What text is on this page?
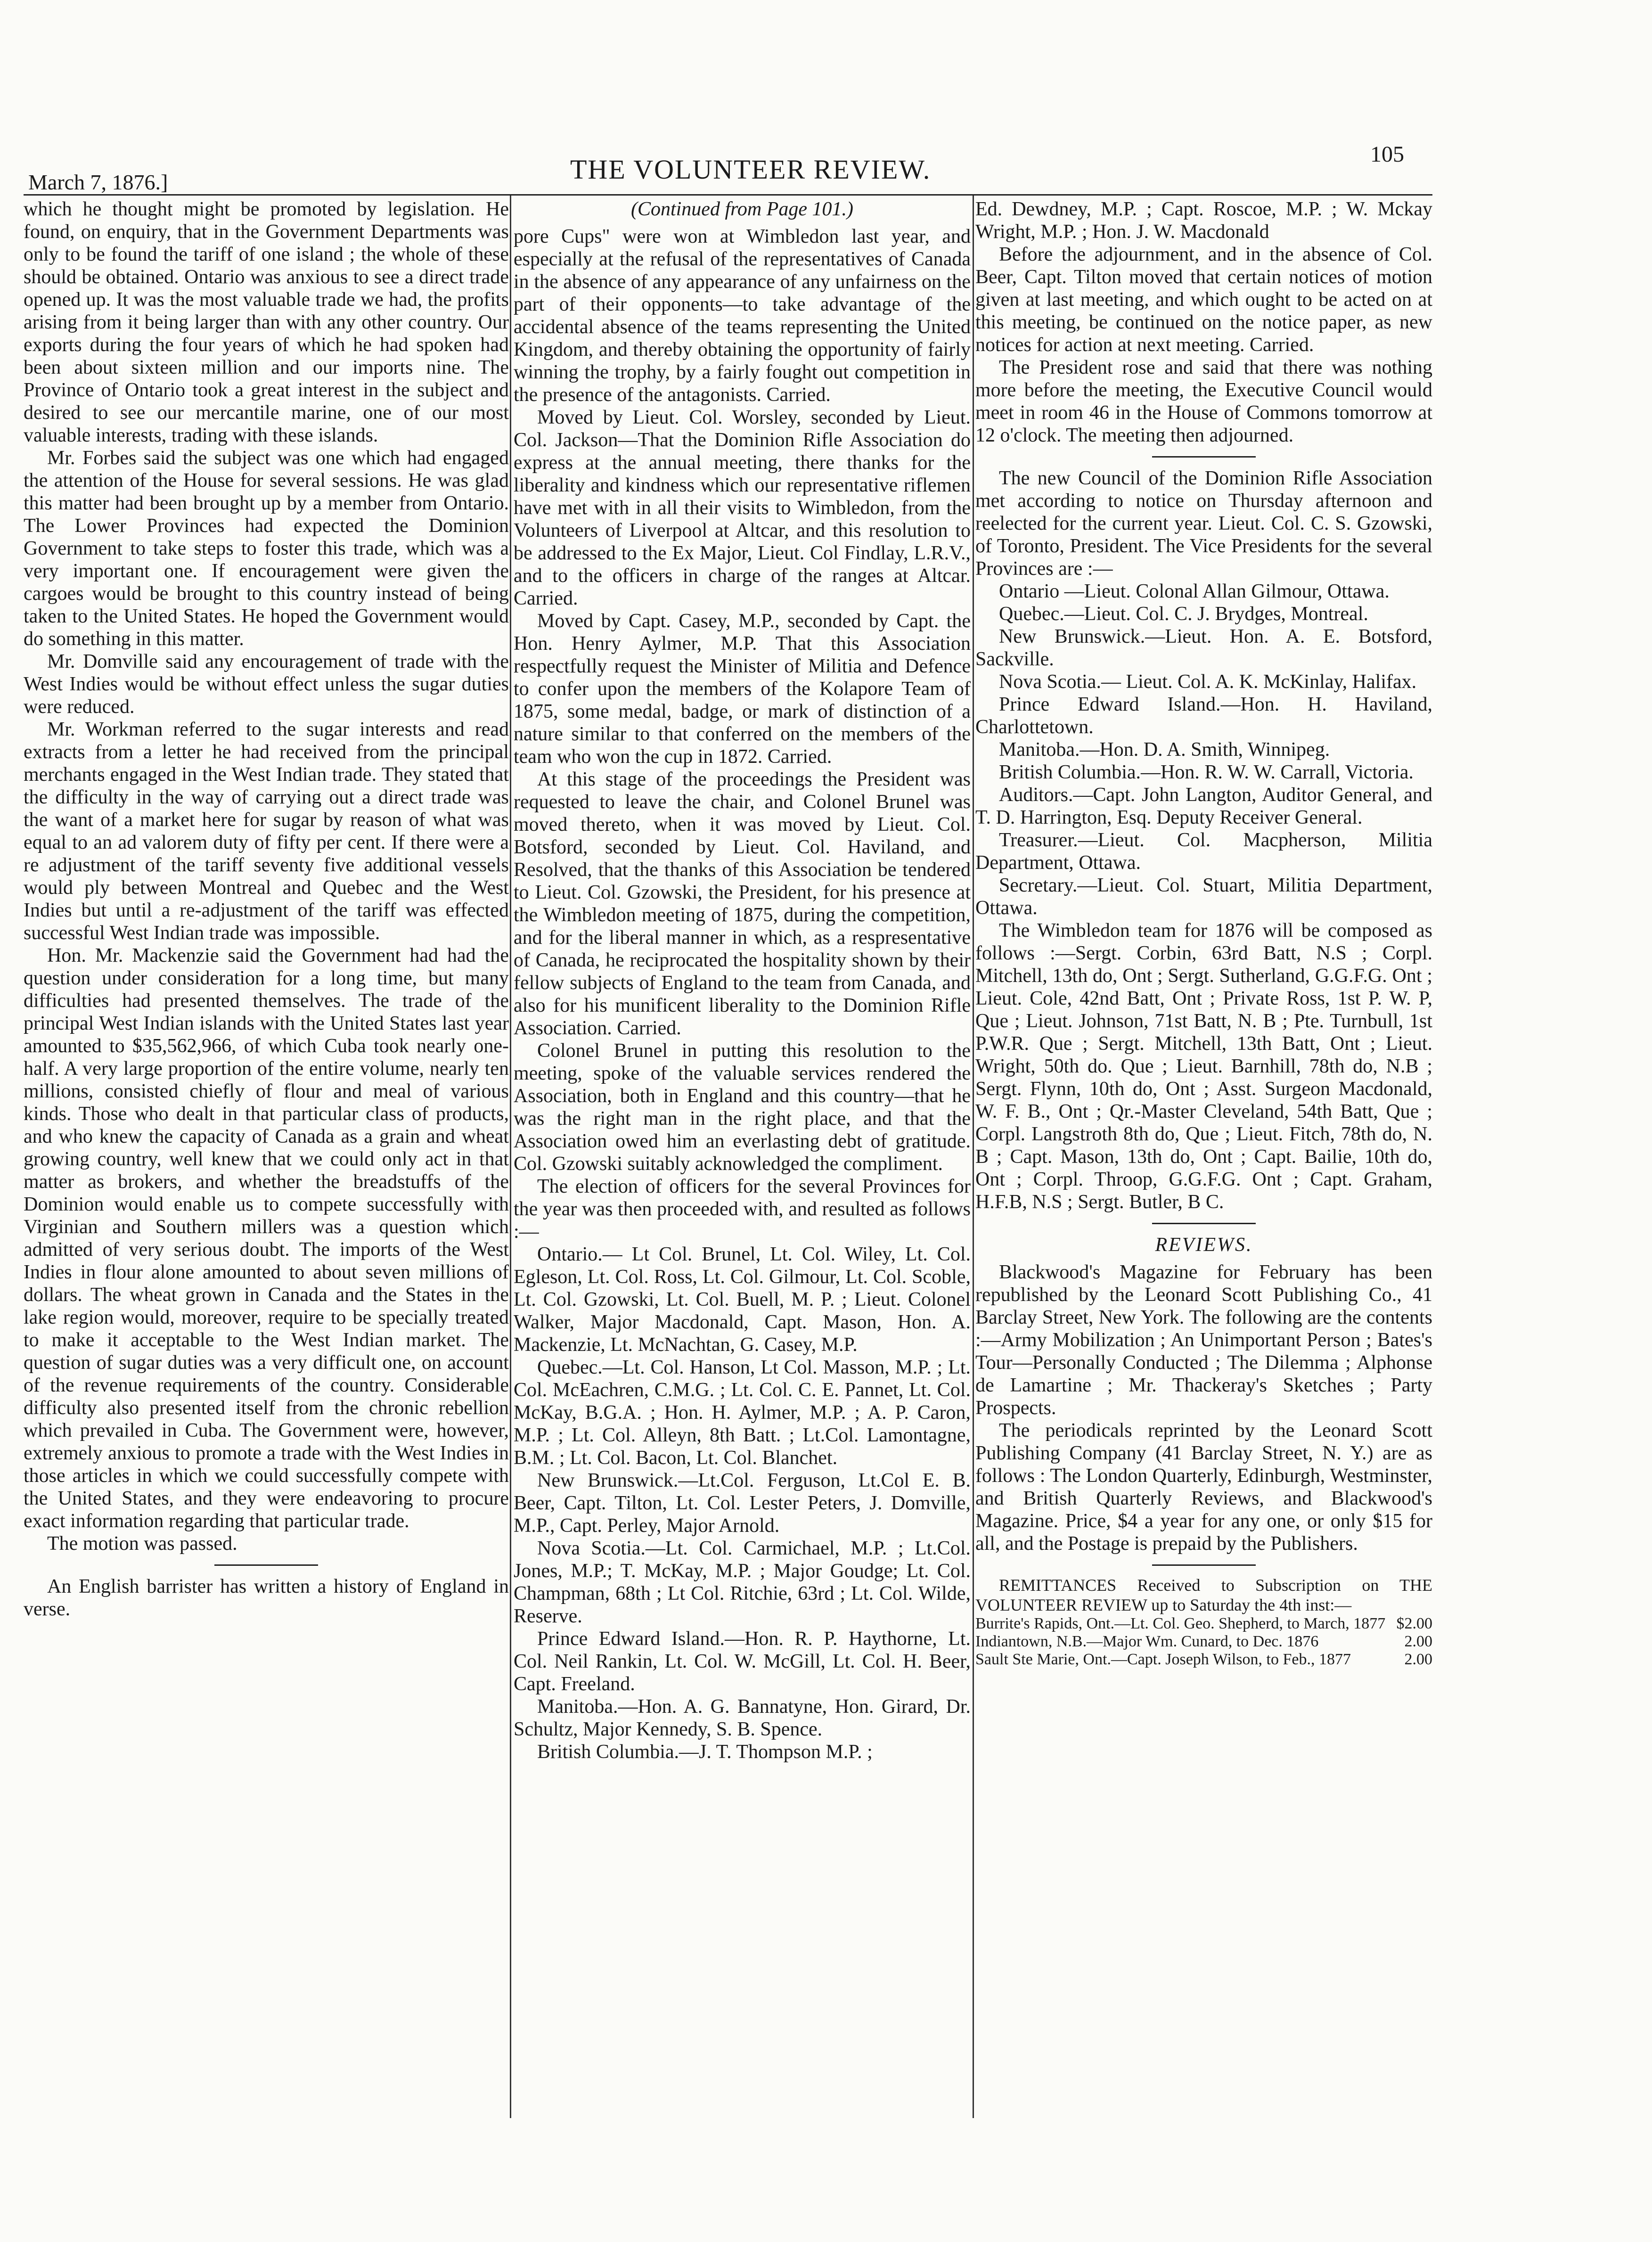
March 7, 1876.]	THE VOLUNTEER REVIEW.	105

which he thought might be promoted by legislation. He found, on enquiry, that in the Government Departments was only to be found the tariff of one island ; the whole of these should be obtained. Ontario was anxious to see a direct trade opened up. It was the most valuable trade we had, the profits arising from it being larger than with any other country. Our exports during the four years of which he had spoken had been about sixteen million and our imports nine. The Province of Ontario took a great interest in the subject and desired to see our mercantile marine, one of our most valuable interests, trading with these islands.

Mr. Forbes said the subject was one which had engaged the attention of the House for several sessions. He was glad this matter had been brought up by a member from Ontario. The Lower Provinces had expected the Dominion Government to take steps to foster this trade, which was a very important one. If encouragement were given the cargoes would be brought to this country instead of being taken to the United States. He hoped the Government would do something in this matter.

Mr. Domville said any encouragement of trade with the West Indies would be without effect unless the sugar duties were reduced.

Mr. Workman referred to the sugar interests and read extracts from a letter he had received from the principal merchants engaged in the West Indian trade. They stated that the difficulty in the way of carrying out a direct trade was the want of a market here for sugar by reason of what was equal to an ad valorem duty of fifty per cent. If there were a re adjustment of the tariff seventy five additional vessels would ply between Montreal and Quebec and the West Indies but until a re-adjustment of the tariff was effected successful West Indian trade was impossible.

Hon. Mr. Mackenzie said the Government had had the question under consideration for a long time, but many difficulties had presented themselves. The trade of the principal West Indian islands with the United States last year amounted to $35,562,966, of which Cuba took nearly one-half. A very large proportion of the entire volume, nearly ten millions, consisted chiefly of flour and meal of various kinds. Those who dealt in that particular class of products, and who knew the capacity of Canada as a grain and wheat growing country, well knew that we could only act in that matter as brokers, and whether the breadstuffs of the Dominion would enable us to compete successfully with Virginian and Southern millers was a question which admitted of very serious doubt. The imports of the West Indies in flour alone amounted to about seven millions of dollars. The wheat grown in Canada and the States in the lake region would, moreover, require to be specially treated to make it acceptable to the West Indian market. The question of sugar duties was a very difficult one, on account of the revenue requirements of the country. Considerable difficulty also presented itself from the chronic rebellion which prevailed in Cuba. The Government were, however, extremely anxious to promote a trade with the West Indies in those articles in which we could successfully compete with the United States, and they were endeavoring to procure exact information regarding that particular trade.

The motion was passed.

An English barrister has written a history of England in verse.

(Continued from Page 101.)

pore Cups" were won at Wimbledon last year, and especially at the refusal of the representatives of Canada in the absence of any appearance of any unfairness on the part of their opponents—to take advantage of the accidental absence of the teams representing the United Kingdom, and thereby obtaining the opportunity of fairly winning the trophy, by a fairly fought out competition in the presence of the antagonists. Carried.

Moved by Lieut. Col. Worsley, seconded by Lieut. Col. Jackson—That the Dominion Rifle Association do express at the annual meeting, there thanks for the liberality and kindness which our representative riflemen have met with in all their visits to Wimbledon, from the Volunteers of Liverpool at Altcar, and this resolution to be addressed to the Ex Major, Lieut. Col Findlay, L.R.V., and to the officers in charge of the ranges at Altcar. Carried.

Moved by Capt. Casey, M.P., seconded by Capt. the Hon. Henry Aylmer, M.P. That this Association respectfully request the Minister of Militia and Defence to confer upon the members of the Kolapore Team of 1875, some medal, badge, or mark of distinction of a nature similar to that conferred on the members of the team who won the cup in 1872. Carried.

At this stage of the proceedings the President was requested to leave the chair, and Colonel Brunel was moved thereto, when it was moved by Lieut. Col. Botsford, seconded by Lieut. Col. Haviland, and Resolved, that the thanks of this Association be tendered to Lieut. Col. Gzowski, the President, for his presence at the Wimbledon meeting of 1875, during the competition, and for the liberal manner in which, as a respresentative of Canada, he reciprocated the hospitality shown by their fellow subjects of England to the team from Canada, and also for his munificent liberality to the Dominion Rifle Association. Carried.

Colonel Brunel in putting this resolution to the meeting, spoke of the valuable services rendered the Association, both in England and this country—that he was the right man in the right place, and that the Association owed him an everlasting debt of gratitude. Col. Gzowski suitably acknowledged the compliment.

The election of officers for the several Provinces for the year was then proceeded with, and resulted as follows :—

Ontario.— Lt Col. Brunel, Lt. Col. Wiley, Lt. Col. Egleson, Lt. Col. Ross, Lt. Col. Gilmour, Lt. Col. Scoble, Lt. Col. Gzowski, Lt. Col. Buell, M. P. ; Lieut. Colonel Walker, Major Macdonald, Capt. Mason, Hon. A. Mackenzie, Lt. McNachtan, G. Casey, M.P.

Quebec.—Lt. Col. Hanson, Lt Col. Masson, M.P. ; Lt. Col. McEachren, C.M.G. ; Lt. Col. C. E. Pannet, Lt. Col. McKay, B.G.A. ; Hon. H. Aylmer, M.P. ; A. P. Caron, M.P. ; Lt. Col. Alleyn, 8th Batt. ; Lt.Col. Lamontagne, B.M. ; Lt. Col. Bacon, Lt. Col. Blanchet.

New Brunswick.—Lt.Col. Ferguson, Lt.Col E. B. Beer, Capt. Tilton, Lt. Col. Lester Peters, J. Domville, M.P., Capt. Perley, Major Arnold.

Nova Scotia.—Lt. Col. Carmichael, M.P. ; Lt.Col. Jones, M.P.; T. McKay, M.P. ; Major Goudge; Lt. Col. Champman, 68th ; Lt Col. Ritchie, 63rd ; Lt. Col. Wilde, Reserve.

Prince Edward Island.—Hon. R. P. Haythorne, Lt. Col. Neil Rankin, Lt. Col. W. McGill, Lt. Col. H. Beer, Capt. Freeland.

Manitoba.—Hon. A. G. Bannatyne, Hon. Girard, Dr. Schultz, Major Kennedy, S. B. Spence.

British Columbia.—J. T. Thompson M.P. ;

Ed. Dewdney, M.P. ; Capt. Roscoe, M.P. ; W. Mckay Wright, M.P. ; Hon. J. W. Macdonald

Before the adjournment, and in the absence of Col. Beer, Capt. Tilton moved that certain notices of motion given at last meeting, and which ought to be acted on at this meeting, be continued on the notice paper, as new notices for action at next meeting. Carried.

The President rose and said that there was nothing more before the meeting, the Executive Council would meet in room 46 in the House of Commons tomorrow at 12 o'clock. The meeting then adjourned.

The new Council of the Dominion Rifle Association met according to notice on Thursday afternoon and reelected for the current year. Lieut. Col. C. S. Gzowski, of Toronto, President. The Vice Presidents for the several Provinces are :—

Ontario —Lieut. Colonal Allan Gilmour, Ottawa.

Quebec.—Lieut. Col. C. J. Brydges, Montreal.

New Brunswick.—Lieut. Hon. A. E. Botsford, Sackville.

Nova Scotia.— Lieut. Col. A. K. McKinlay, Halifax.

Prince Edward Island.—Hon. H. Haviland, Charlottetown.

Manitoba.—Hon. D. A. Smith, Winnipeg.

British Columbia.—Hon. R. W. W. Carrall, Victoria.

Auditors.—Capt. John Langton, Auditor General, and T. D. Harrington, Esq. Deputy Receiver General.

Treasurer.—Lieut. Col. Macpherson, Militia Department, Ottawa.

Secretary.—Lieut. Col. Stuart, Militia Department, Ottawa.

The Wimbledon team for 1876 will be composed as follows :—Sergt. Corbin, 63rd Batt, N.S ; Corpl. Mitchell, 13th do, Ont ; Sergt. Sutherland, G.G.F.G. Ont ; Lieut. Cole, 42nd Batt, Ont ; Private Ross, 1st P. W. P, Que ; Lieut. Johnson, 71st Batt, N. B ; Pte. Turnbull, 1st P.W.R. Que ; Sergt. Mitchell, 13th Batt, Ont ; Lieut. Wright, 50th do. Que ; Lieut. Barnhill, 78th do, N.B ; Sergt. Flynn, 10th do, Ont ; Asst. Surgeon Macdonald, W. F. B., Ont ; Qr.-Master Cleveland, 54th Batt, Que ; Corpl. Langstroth 8th do, Que ; Lieut. Fitch, 78th do, N. B ; Capt. Mason, 13th do, Ont ; Capt. Bailie, 10th do, Ont ; Corpl. Throop, G.G.F.G. Ont ; Capt. Graham, H.F.B, N.S ; Sergt. Butler, B C.

REVIEWS.

Blackwood's Magazine for February has been republished by the Leonard Scott Publishing Co., 41 Barclay Street, New York. The following are the contents :—Army Mobilization ; An Unimportant Person ; Bates's Tour—Personally Conducted ; The Dilemma ; Alphonse de Lamartine ; Mr. Thackeray's Sketches ; Party Prospects.

The periodicals reprinted by the Leonard Scott Publishing Company (41 Barclay Street, N. Y.) are as follows : The London Quarterly, Edinburgh, Westminster, and British Quarterly Reviews, and Blackwood's Magazine. Price, $4 a year for any one, or only $15 for all, and the Postage is prepaid by the Publishers.

REMITTANCES Received to Subscription on THE VOLUNTEER REVIEW up to Saturday the 4th inst:—

Burrite's Rapids, Ont.—Lt. Col. Geo. Shepherd, to March, 1877 $2.00
Indiantown, N.B.—Major Wm. Cunard, to Dec. 1876	2.00
Sault Ste Marie, Ont.—Capt. Joseph Wilson, to Feb., 1877	2.00
